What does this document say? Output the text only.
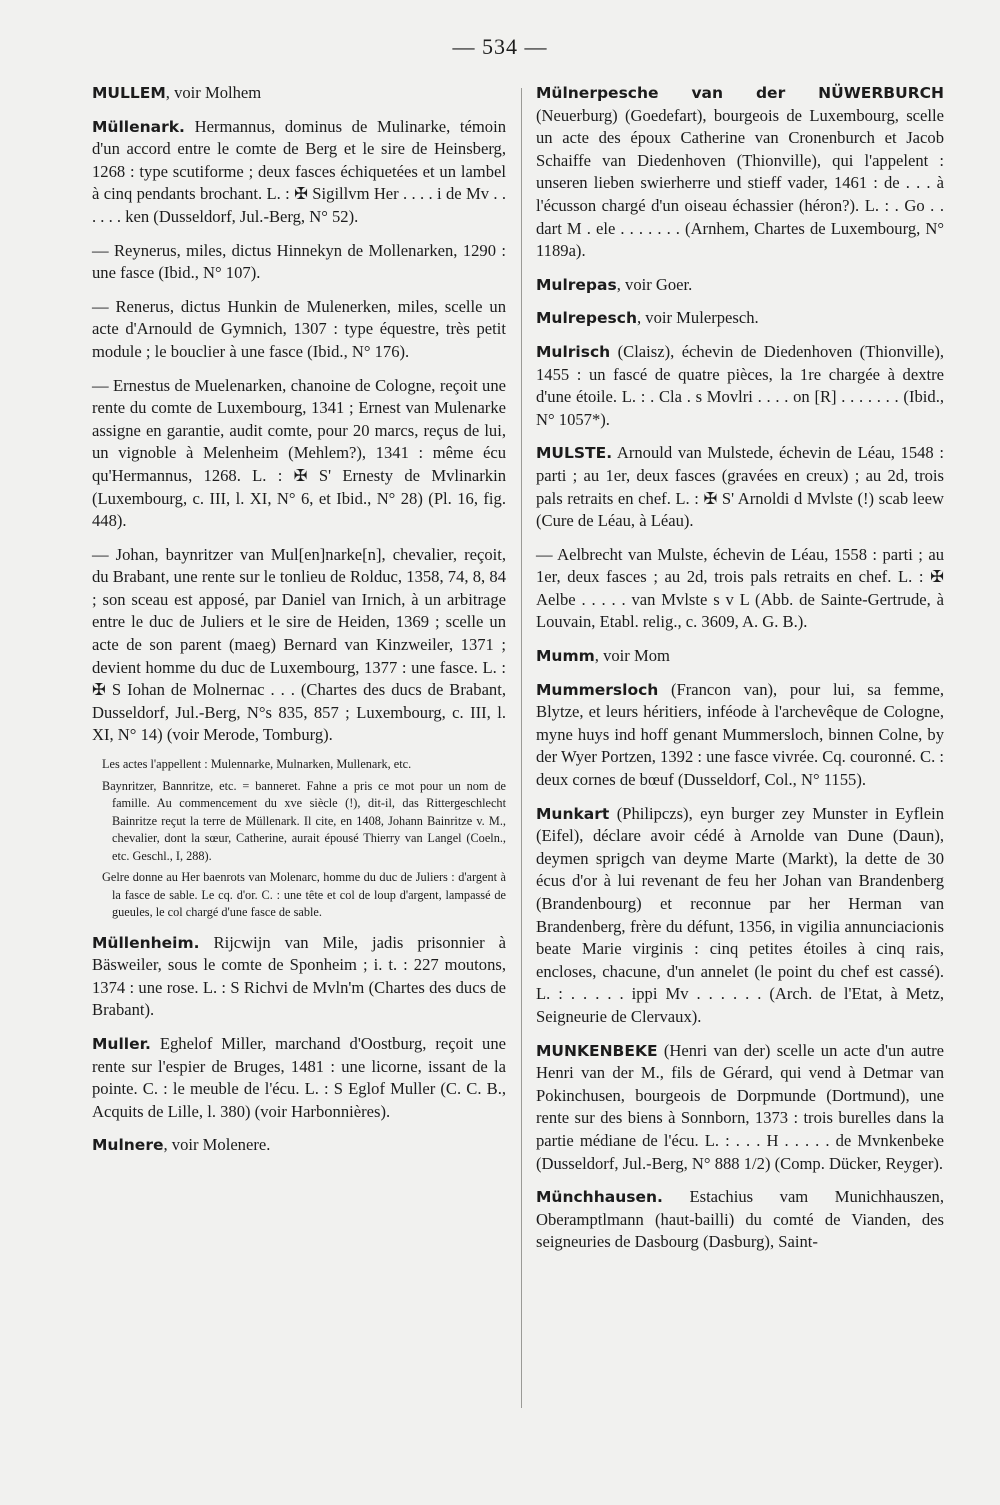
— 534 —

MULLEM, voir Molhem

Müllenark. Hermannus, dominus de Mulinarke, témoin d'un accord entre le comte de Berg et le sire de Heinsberg, 1268 : type scutiforme ; deux fasces échiquetées et un lambel à cinq pendants brochant. L. : ✠ Sigillvm Her . . . . i de Mv . . . . . . ken (Dusseldorf, Jul.-Berg, N° 52).

— Reynerus, miles, dictus Hinnekyn de Mollenarken, 1290 : une fasce (Ibid., N° 107).

— Renerus, dictus Hunkin de Mulenerken, miles, scelle un acte d'Arnould de Gymnich, 1307 : type équestre, très petit module ; le bouclier à une fasce (Ibid., N° 176).

— Ernestus de Muelenarken, chanoine de Cologne, reçoit une rente du comte de Luxembourg, 1341 ; Ernest van Mulenarke assigne en garantie, audit comte, pour 20 marcs, reçus de lui, un vignoble à Melenheim (Mehlem?), 1341 : même écu qu'Hermannus, 1268. L. : ✠ S' Ernesty de Mvlinarkin (Luxembourg, c. III, l. XI, N° 6, et Ibid., N° 28) (Pl. 16, fig. 448).

— Johan, baynritzer van Mul[en]narke[n], chevalier, reçoit, du Brabant, une rente sur le tonlieu de Rolduc, 1358, 74, 8, 84 ; son sceau est apposé, par Daniel van Irnich, à un arbitrage entre le duc de Juliers et le sire de Heiden, 1369 ; scelle un acte de son parent (maeg) Bernard van Kinzweiler, 1371 ; devient homme du duc de Luxembourg, 1377 : une fasce. L. : ✠ S Iohan de Molnernac . . . (Chartes des ducs de Brabant, Dusseldorf, Jul.-Berg, N°s 835, 857 ; Luxembourg, c. III, l. XI, N° 14) (voir Merode, Tomburg).

Les actes l'appellent : Mulennarke, Mulnarken, Mullenark, etc.

Baynritzer, Bannritze, etc. = banneret. Fahne a pris ce mot pour un nom de famille. Au commencement du xve siècle (!), dit-il, das Rittergeschlecht Bainritze reçut la terre de Müllenark. Il cite, en 1408, Johann Bainritze v. M., chevalier, dont la sœur, Catherine, aurait épousé Thierry van Langel (Coeln., etc. Geschl., I, 288).

Gelre donne au Her baenrots van Molenarc, homme du duc de Juliers : d'argent à la fasce de sable. Le cq. d'or. C. : une tête et col de loup d'argent, lampassé de gueules, le col chargé d'une fasce de sable.

Müllenheim. Rijcwijn van Mile, jadis prisonnier à Bäsweiler, sous le comte de Sponheim ; i. t. : 227 moutons, 1374 : une rose. L. : S Richvi de Mvln'm (Chartes des ducs de Brabant).

Muller. Eghelof Miller, marchand d'Oostburg, reçoit une rente sur l'espier de Bruges, 1481 : une licorne, issant de la pointe. C. : le meuble de l'écu. L. : S Eglof Muller (C. C. B., Acquits de Lille, l. 380) (voir Harbonnières).

Mulnere, voir Molenere.

Mülnerpesche van der NÜWERBURCH (Neuerburg) (Goedefart), bourgeois de Luxembourg, scelle un acte des époux Catherine van Cronenburch et Jacob Schaiffe van Diedenhoven (Thionville), qui l'appelent : unseren lieben swierherre und stieff vader, 1461 : de . . . à l'écusson chargé d'un oiseau échassier (héron?). L. : . Go . . dart M . ele . . . . . . . (Arnhem, Chartes de Luxembourg, N° 1189a).

Mulrepas, voir Goer.

Mulrepesch, voir Mulerpesch.

Mulrisch (Claisz), échevin de Diedenhoven (Thionville), 1455 : un fascé de quatre pièces, la 1re chargée à dextre d'une étoile. L. : . Cla . s Movlri . . . . on [R] . . . . . . . (Ibid., N° 1057*).

MULSTE. Arnould van Mulstede, échevin de Léau, 1548 : parti ; au 1er, deux fasces (gravées en creux) ; au 2d, trois pals retraits en chef. L. : ✠ S' Arnoldi d Mvlste (!) scab leew (Cure de Léau, à Léau).

— Aelbrecht van Mulste, échevin de Léau, 1558 : parti ; au 1er, deux fasces ; au 2d, trois pals retraits en chef. L. : ✠ Aelbe . . . . . van Mvlste s v L (Abb. de Sainte-Gertrude, à Louvain, Etabl. relig., c. 3609, A. G. B.).

Mumm, voir Mom

Mummersloch (Francon van), pour lui, sa femme, Blytze, et leurs héritiers, inféode à l'archevêque de Cologne, myne huys ind hoff genant Mummersloch, binnen Colne, by der Wyer Portzen, 1392 : une fasce vivrée. Cq. couronné. C. : deux cornes de bœuf (Dusseldorf, Col., N° 1155).

Munkart (Philipczs), eyn burger zey Munster in Eyflein (Eifel), déclare avoir cédé à Arnolde van Dune (Daun), deymen sprigch van deyme Marte (Markt), la dette de 30 écus d'or à lui revenant de feu her Johan van Brandenberg (Brandenbourg) et reconnue par her Herman van Brandenberg, frère du défunt, 1356, in vigilia annunciacionis beate Marie virginis : cinq petites étoiles à cinq rais, encloses, chacune, d'un annelet (le point du chef est cassé). L. : . . . . . ippi Mv . . . . . . (Arch. de l'Etat, à Metz, Seigneurie de Clervaux).

MUNKENBEKE (Henri van der) scelle un acte d'un autre Henri van der M., fils de Gérard, qui vend à Detmar van Pokinchusen, bourgeois de Dorpmunde (Dortmund), une rente sur des biens à Sonnborn, 1373 : trois burelles dans la partie médiane de l'écu. L. : . . . H . . . . . de Mvnkenbeke (Dusseldorf, Jul.-Berg, N° 888 1/2) (Comp. Dücker, Reyger).

Münchhausen. Estachius vam Munichhauszen, Oberamptlmann (haut-bailli) du comté de Vianden, des seigneuries de Dasbourg (Dasburg), Saint-
